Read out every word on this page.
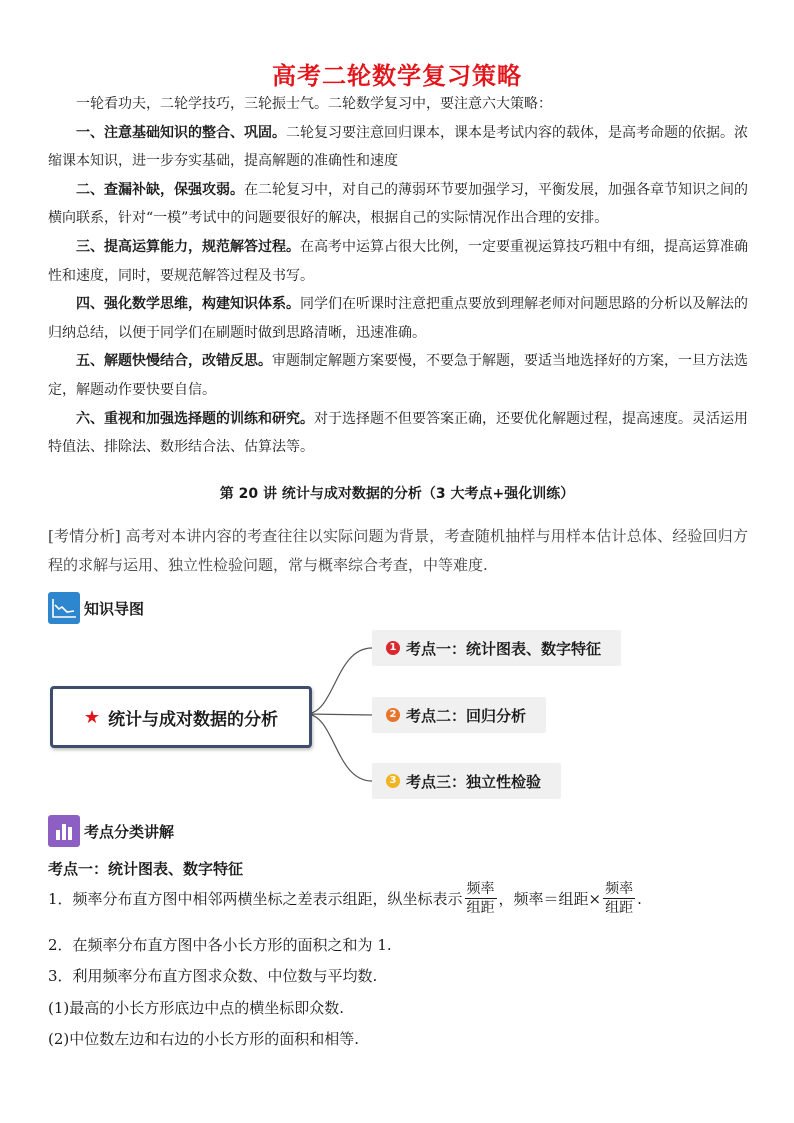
高考二轮数学复习策略

一轮看功夫，二轮学技巧，三轮振士气。二轮数学复习中，要注意六大策略：

一、注意基础知识的整合、巩固。二轮复习要注意回归课本，课本是考试内容的载体，是高考命题的依据。浓缩课本知识，进一步夯实基础，提高解题的准确性和速度

二、查漏补缺，保强攻弱。在二轮复习中，对自己的薄弱环节要加强学习，平衡发展，加强各章节知识之间的横向联系，针对“一模”考试中的问题要很好的解决，根据自己的实际情况作出合理的安排。

三、提高运算能力，规范解答过程。在高考中运算占很大比例，一定要重视运算技巧粗中有细，提高运算准确性和速度，同时，要规范解答过程及书写。

四、强化数学思维，构建知识体系。同学们在听课时注意把重点要放到理解老师对问题思路的分析以及解法的归纳总结，以便于同学们在刷题时做到思路清晰，迅速准确。

五、解题快慢结合，改错反思。审题制定解题方案要慢，不要急于解题，要适当地选择好的方案，一旦方法选定，解题动作要快要自信。

六、重视和加强选择题的训练和研究。对于选择题不但要答案正确，还要优化解题过程，提高速度。灵活运用特值法、排除法、数形结合法、估算法等。

第 20 讲 统计与成对数据的分析（3 大考点+强化训练）
[考情分析] 高考对本讲内容的考查往往以实际问题为背景，考查随机抽样与用样本估计总体、经验回归方程的求解与运用、独立性检验问题，常与概率综合考查，中等难度.
知识导图
★ 统计与成对数据的分析
1 考点一：统计图表、数字特征
2 考点二：回归分析
3 考点三：独立性检验
考点分类讲解
考点一：统计图表、数字特征
1．频率分布直方图中相邻两横坐标之差表示组距，纵坐标表示 $\frac{\text{频率}}{\text{组距}}$ ，频率＝组距× $\frac{\text{频率}}{\text{组距}}$ .
2．在频率分布直方图中各小长方形的面积之和为 1.
3．利用频率分布直方图求众数、中位数与平均数.
(1)最高的小长方形底边中点的横坐标即众数.
(2)中位数左边和右边的小长方形的面积和相等.
